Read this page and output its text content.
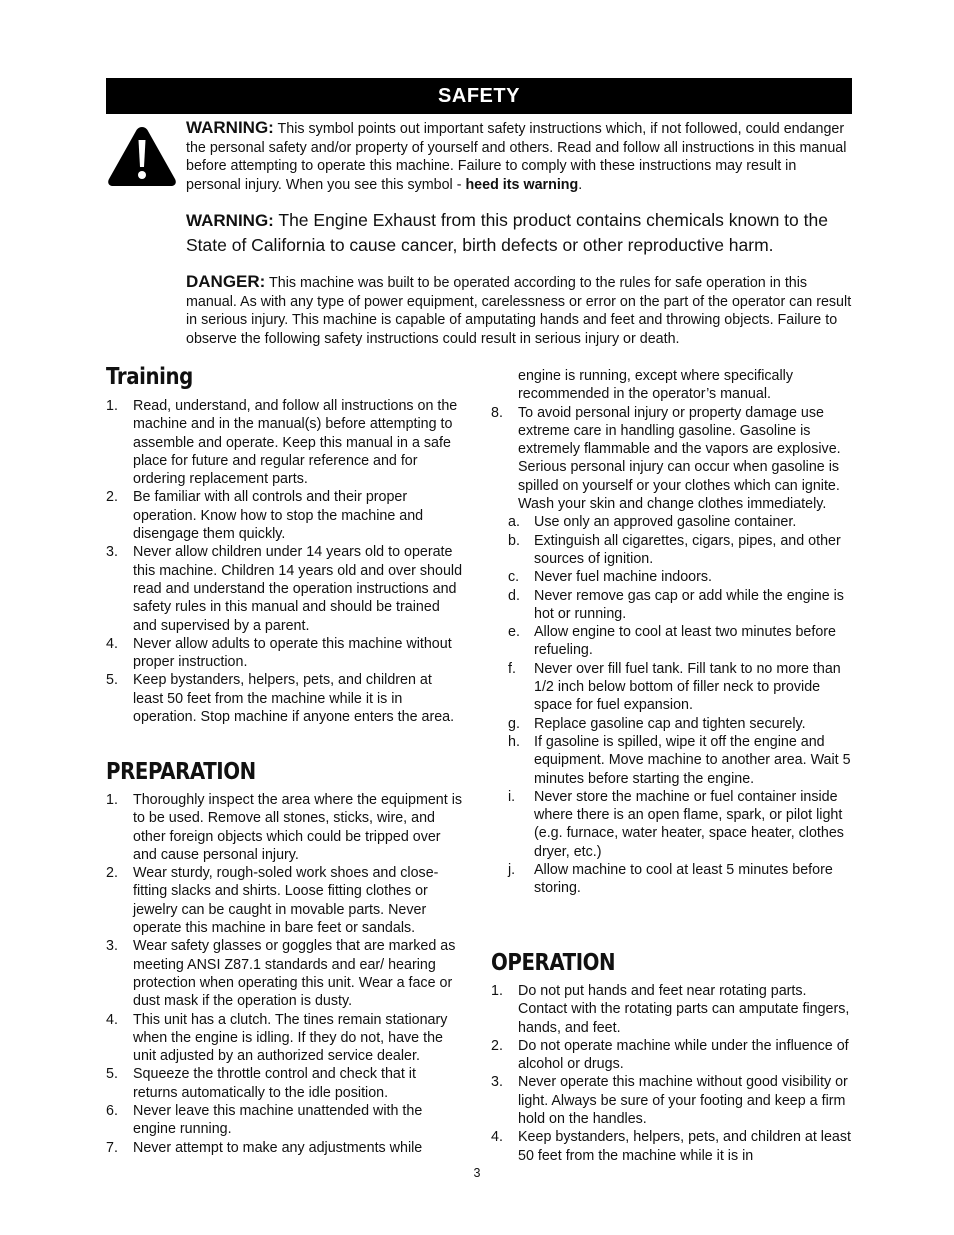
SAFETY
WARNING: This symbol points out important safety instructions which, if not followed, could endanger the personal safety and/or property of yourself and others. Read and follow all instructions in this manual before attempting to operate this machine. Failure to comply with these instructions may result in personal injury. When you see this symbol - heed its warning.
WARNING: The Engine Exhaust from this product contains chemicals known to the State of California to cause cancer, birth defects or other reproductive harm.
DANGER: This machine was built to be operated according to the rules for safe operation in this manual. As with any type of power equipment, carelessness or error on the part of the operator can result in serious injury. This machine is capable of amputating hands and feet and throwing objects. Failure to observe the following safety instructions could result in serious injury or death.
Training
1. Read, understand, and follow all instructions on the machine and in the manual(s) before attempting to assemble and operate. Keep this manual in a safe place for future and regular reference and for ordering replacement parts.
2. Be familiar with all controls and their proper operation. Know how to stop the machine and disengage them quickly.
3. Never allow children under 14 years old to operate this machine. Children 14 years old and over should read and understand the operation instructions and safety rules in this manual and should be trained and supervised by a parent.
4. Never allow adults to operate this machine without proper instruction.
5. Keep bystanders, helpers, pets, and children at least 50 feet from the machine while it is in operation. Stop machine if anyone enters the area.
PREPARATION
1. Thoroughly inspect the area where the equipment is to be used. Remove all stones, sticks, wire, and other foreign objects which could be tripped over and cause personal injury.
2. Wear sturdy, rough-soled work shoes and close-fitting slacks and shirts. Loose fitting clothes or jewelry can be caught in movable parts. Never operate this machine in bare feet or sandals.
3. Wear safety glasses or goggles that are marked as meeting ANSI Z87.1 standards and ear/ hearing protection when operating this unit. Wear a face or dust mask if the operation is dusty.
4. This unit has a clutch. The tines remain stationary when the engine is idling. If they do not, have the unit adjusted by an authorized service dealer.
5. Squeeze the throttle control and check that it returns automatically to the idle position.
6. Never leave this machine unattended with the engine running.
7. Never attempt to make any adjustments while
engine is running, except where specifically recommended in the operator’s manual.
8. To avoid personal injury or property damage use extreme care in handling gasoline. Gasoline is extremely flammable and the vapors are explosive. Serious personal injury can occur when gasoline is spilled on yourself or your clothes which can ignite. Wash your skin and change clothes immediately.
a. Use only an approved gasoline container.
b. Extinguish all cigarettes, cigars, pipes, and other sources of ignition.
c. Never fuel machine indoors.
d. Never remove gas cap or add while the engine is hot or running.
e. Allow engine to cool at least two minutes before refueling.
f. Never over fill fuel tank. Fill tank to no more than 1/2 inch below bottom of filler neck to provide space for fuel expansion.
g. Replace gasoline cap and tighten securely.
h. If gasoline is spilled, wipe it off the engine and equipment. Move machine to another area. Wait 5 minutes before starting the engine.
i. Never store the machine or fuel container inside where there is an open flame, spark, or pilot light (e.g. furnace, water heater, space heater, clothes dryer, etc.)
j. Allow machine to cool at least 5 minutes before storing.
OPERATION
1. Do not put hands and feet near rotating parts. Contact with the rotating parts can amputate fingers, hands, and feet.
2. Do not operate machine while under the influence of alcohol or drugs.
3. Never operate this machine without good visibility or light. Always be sure of your footing and keep a firm hold on the handles.
4. Keep bystanders, helpers, pets, and children at least 50 feet from the machine while it is in
3
